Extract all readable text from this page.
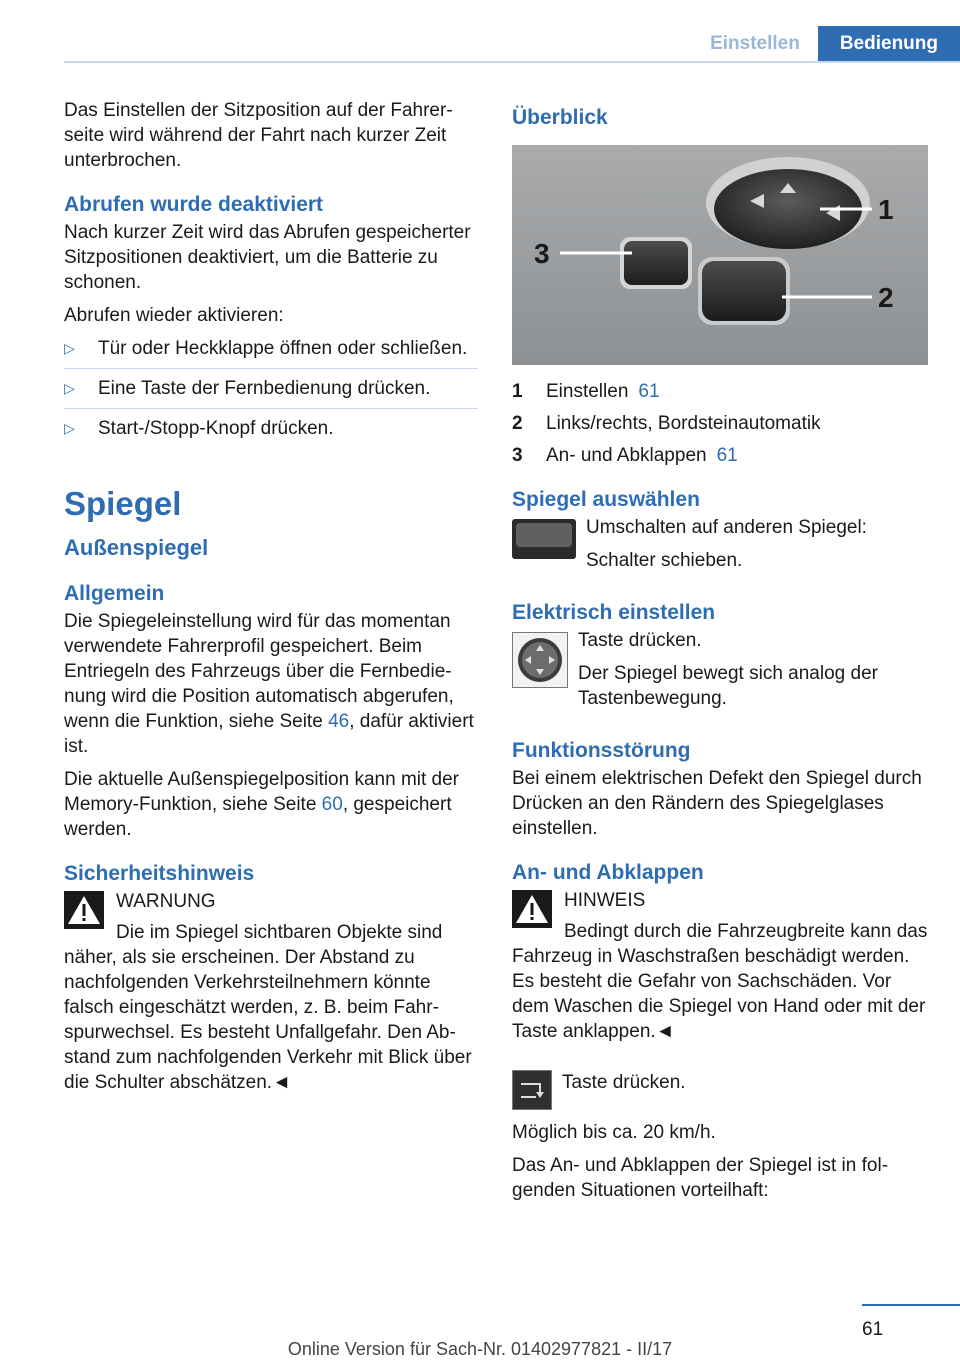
Einstellen	Bedienung

Das Einstellen der Sitzposition auf der Fahrerseite wird während der Fahrt nach kurzer Zeit unterbrochen.

Abrufen wurde deaktiviert

Nach kurzer Zeit wird das Abrufen gespeicherter Sitzpositionen deaktiviert, um die Batterie zu schonen.

Abrufen wieder aktivieren:

▷ Tür oder Heckklappe öffnen oder schließen.
▷ Eine Taste der Fernbedienung drücken.
▷ Start-/Stopp-Knopf drücken.
Spiegel
Außenspiegel
Allgemein

Die Spiegeleinstellung wird für das momentan verwendete Fahrerprofil gespeichert. Beim Entriegeln des Fahrzeugs über die Fernbedienung wird die Position automatisch abgerufen, wenn die Funktion, siehe Seite 46, dafür aktiviert ist.

Die aktuelle Außenspiegelposition kann mit der Memory-Funktion, siehe Seite 60, gespeichert werden.

Sicherheitshinweis

WARNUNG

Die im Spiegel sichtbaren Objekte sind näher, als sie erscheinen. Der Abstand zu nachfolgenden Verkehrsteilnehmern könnte falsch eingeschätzt werden, z. B. beim Fahrspurwechsel. Es besteht Unfallgefahr. Den Abstand zum nachfolgenden Verkehr mit Blick über die Schulter abschätzen.◄

Überblick
1
2
3
1	Einstellen 61
2	Links/rechts, Bordsteinautomatik
3	An- und Abklappen 61
Spiegel auswählen

Umschalten auf anderen Spiegel:

Schalter schieben.

Elektrisch einstellen

Taste drücken.

Der Spiegel bewegt sich analog der Tastenbewegung.

Funktionsstörung

Bei einem elektrischen Defekt den Spiegel durch Drücken an den Rändern des Spiegelglases einstellen.

An- und Abklappen

HINWEIS

Bedingt durch die Fahrzeugbreite kann das Fahrzeug in Waschstraßen beschädigt werden. Es besteht die Gefahr von Sachschäden. Vor dem Waschen die Spiegel von Hand oder mit der Taste anklappen.◄

Taste drücken.

Möglich bis ca. 20 km/h.

Das An- und Abklappen der Spiegel ist in folgenden Situationen vorteilhaft:

61
Online Version für Sach-Nr. 01402977821 - II/17
